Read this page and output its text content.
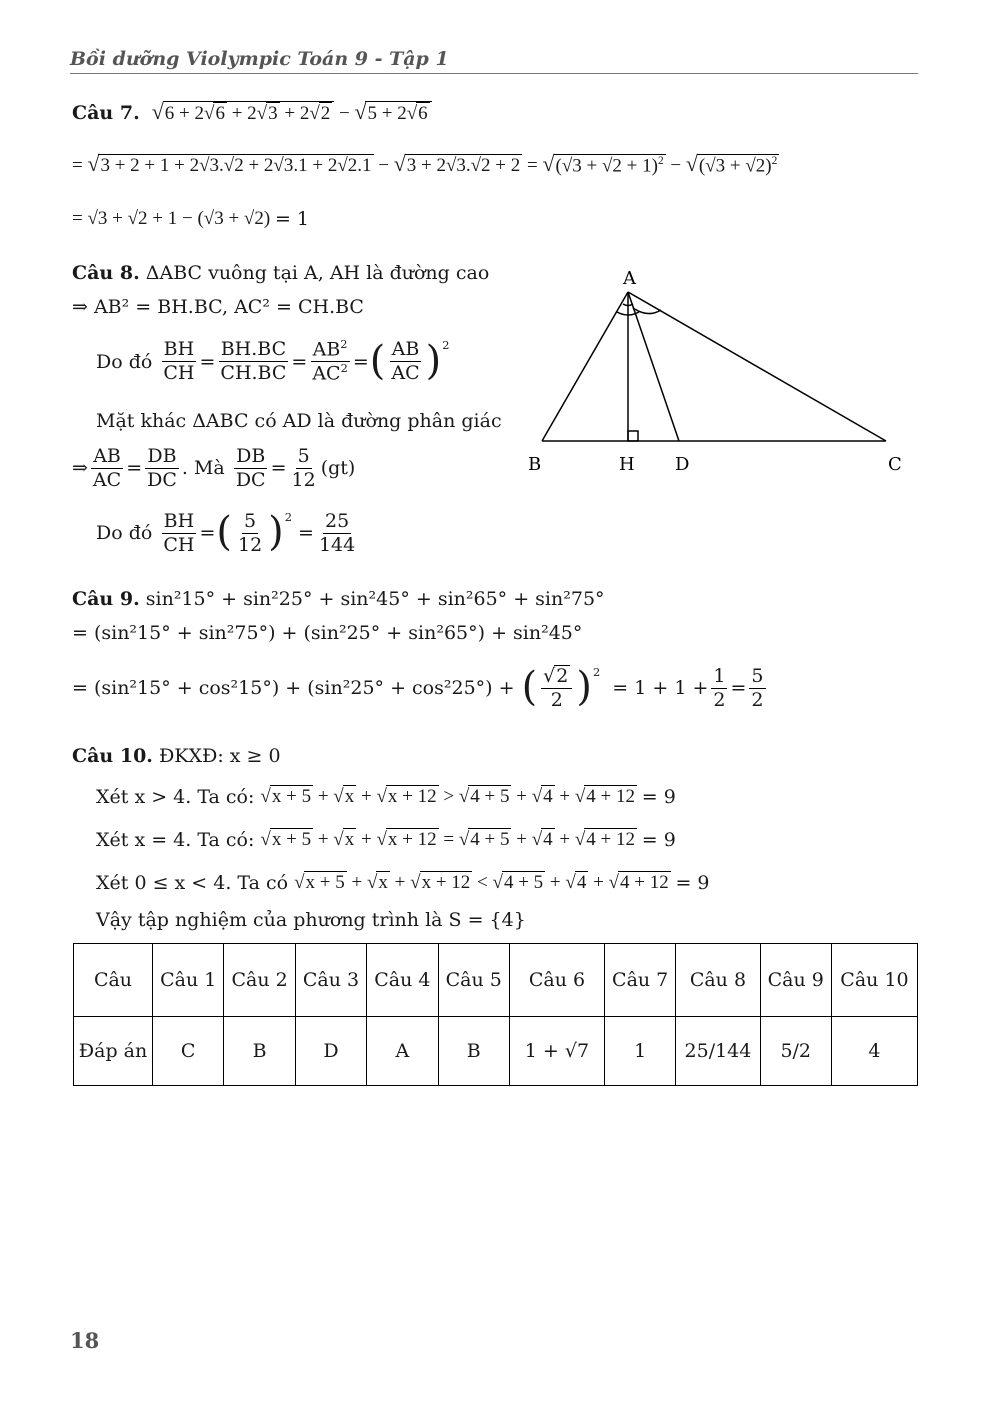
Bồi dưỡng Violympic Toán 9 - Tập 1
Câu 7.
√6 + 2√6 + 2√3 + 2√2 − √5 + 2√6
= $√3 + 2 + 1 + 2√3.√2 + 2√3.1 + 2√2.1 - √3 + 2√3.√2 + 2 = √(√3 + √2 + 1)^2 - √(√3 + √2)^2$
= √3 + √2 + 1 − (√3 + √2) = 1
Câu 8.
ΔABC vuông tại A, AH là đường cao
⇒ AB² = BH.BC, AC² = CH.BC
Do đó
$\frac{BH}{CH} = \frac{BH.BC}{CH.BC} = \frac{AB^2}{AC^2}$ = ( $\frac{AB}{AC} )^2$
Mặt khác ΔABC có AD là đường phân giác
⇒ $\frac{AB}{AC} = \frac{DB}{DC}$ . Mà
$\frac{DB}{DC} = \frac{5}{12} (gt)$
Do đó
$\frac{BH}{CH}$ = ( $\frac{5}{12} )^2$
= $\frac{25}{144}$
A
B	H D	C
Câu 9.
sin²15° + sin²25° + sin²45° + sin²65° + sin²75°
= (sin²15° + sin²75°) + (sin²25° + sin²65°) + sin²45°
= (sin²15° + cos²15°) + (sin²25° + cos²25°) +
( $\frac{√2}{2} )^2$

= $1 + 1 + \frac{1}{2} = \frac{5}{2}$
Câu 10.
ĐKXĐ: x ≥ 0
Xét x > 4. Ta có:
√x + 5 + √x + √x + 12 > √4 + 5 + √4 + √4 + 12 = 9
Xét x = 4. Ta có:
√x + 5 + √x + √x + 12 = √4 + 5 + √4 + √4 + 12 = 9
Xét 0 ≤ x < 4. Ta có
√x + 5 + √x + √x + 12 < √4 + 5 + √4 + √4 + 12 = 9
Vậy tập nghiệm của phương trình là S = {4}
Câu	Câu 1	Câu 2	Câu 3	Câu 4	Câu 5	Câu 6	Câu 7	Câu 8	Câu 9	Câu 10
Đáp án	C	B	D	A	B	1 + √7	1	25/144	5/2	4
18
